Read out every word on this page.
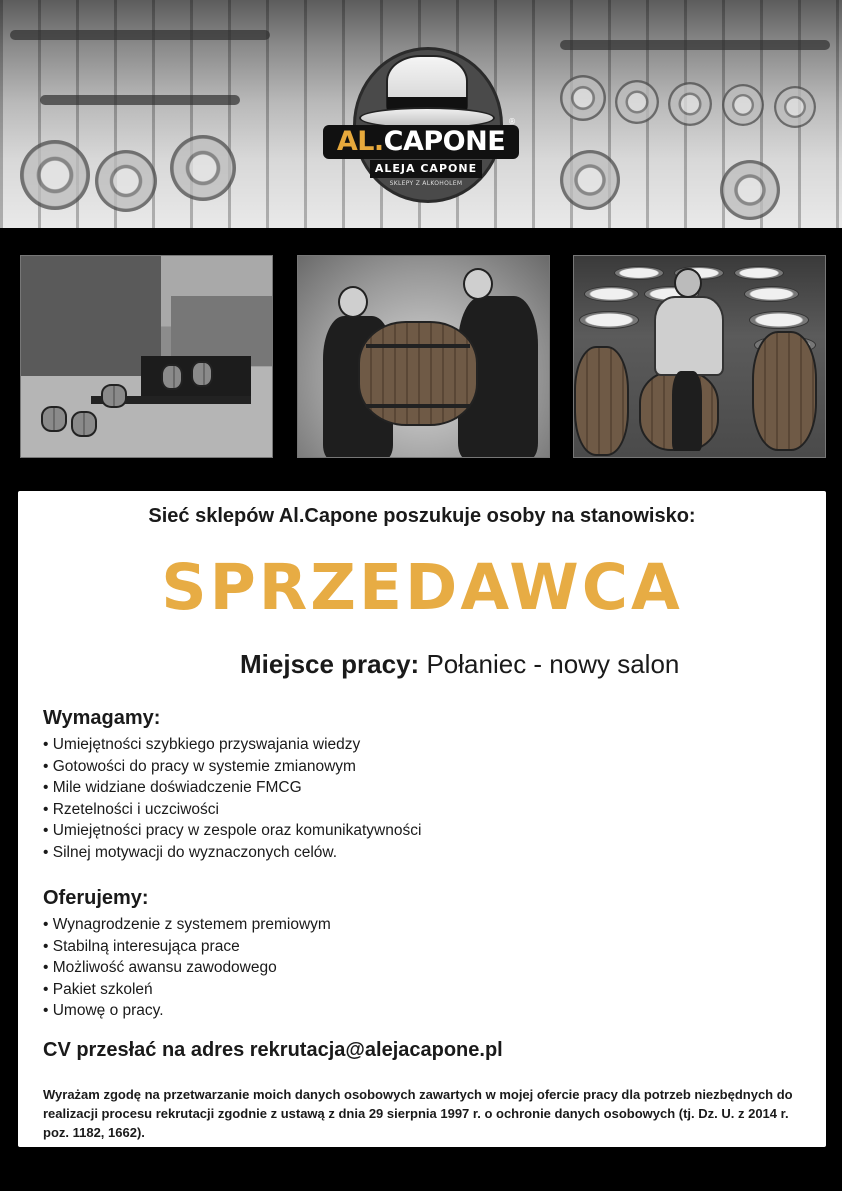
AL.CAPONE
®
ALEJA CAPONE
SKLEPY Z ALKOHOLEM
Sieć sklepów Al.Capone poszukuje osoby na stanowisko:
SPRZEDAWCA
Miejsce pracy: Połaniec - nowy salon
Wymagamy:
• Umiejętności szybkiego przyswajania wiedzy
• Gotowości do pracy w systemie zmianowym
• Mile widziane doświadczenie FMCG
• Rzetelności i uczciwości
• Umiejętności pracy w zespole oraz komunikatywności
• Silnej motywacji do wyznaczonych celów.
Oferujemy:
• Wynagrodzenie z systemem premiowym
• Stabilną interesująca prace
• Możliwość awansu zawodowego
• Pakiet szkoleń
• Umowę o pracy.
CV przesłać na adres rekrutacja@alejacapone.pl
Wyrażam zgodę na przetwarzanie moich danych osobowych zawartych w mojej ofercie pracy dla potrzeb niezbędnych do realizacji procesu rekrutacji zgodnie z ustawą z dnia 29 sierpnia 1997 r. o ochronie danych osobowych (tj. Dz. U. z 2014 r. poz. 1182, 1662).
